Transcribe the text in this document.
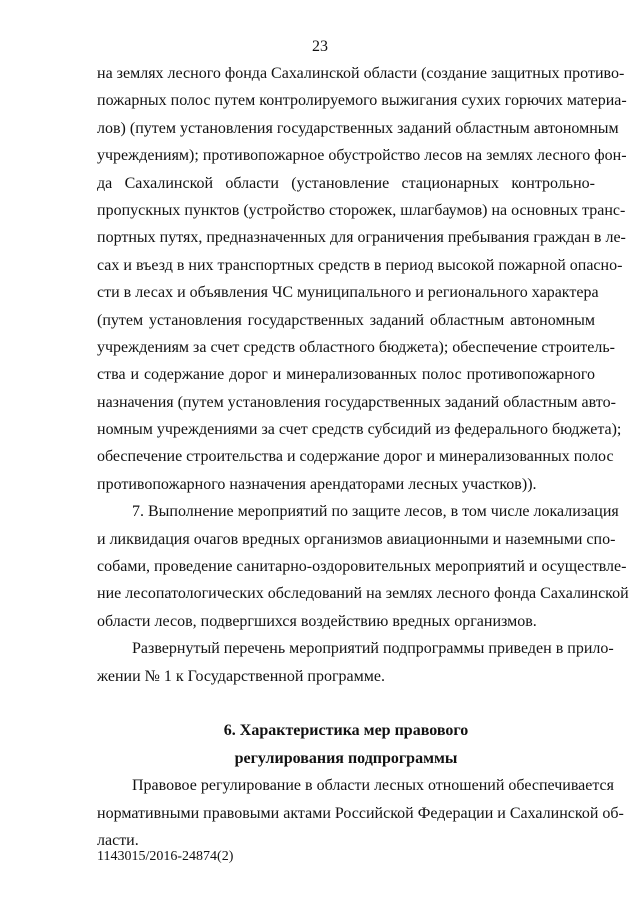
23
на землях лесного фонда Сахалинской области (создание защитных противо-
пожарных полос путем контролируемого выжигания сухих горючих материа-
лов) (путем установления государственных заданий областным автономным
учреждениям); противопожарное обустройство лесов на землях лесного фон-
да Сахалинской области (установление стационарных контрольно-
пропускных пунктов (устройство сторожек, шлагбаумов) на основных транс-
портных путях, предназначенных для ограничения пребывания граждан в ле-
сах и въезд в них транспортных средств в период высокой пожарной опасно-
сти в лесах и объявления ЧС муниципального и регионального характера
(путем установления государственных заданий областным автономным
учреждениям за счет средств областного бюджета); обеспечение строитель-
ства и содержание дорог и минерализованных полос противопожарного
назначения (путем установления государственных заданий областным авто-
номным учреждениями за счет средств субсидий из федерального бюджета);
обеспечение строительства и содержание дорог и минерализованных полос
противопожарного назначения арендаторами лесных участков)).
7. Выполнение мероприятий по защите лесов, в том числе локализация
и ликвидация очагов вредных организмов авиационными и наземными спо-
собами, проведение санитарно-оздоровительных мероприятий и осуществле-
ние лесопатологических обследований на землях лесного фонда Сахалинской
области лесов, подвергшихся воздействию вредных организмов.
Развернутый перечень мероприятий подпрограммы приведен в прило-
жении № 1 к Государственной программе.
6. Характеристика мер правового
регулирования подпрограммы
Правовое регулирование в области лесных отношений обеспечивается
нормативными правовыми актами Российской Федерации и Сахалинской об-
ласти.
1143015/2016-24874(2)
